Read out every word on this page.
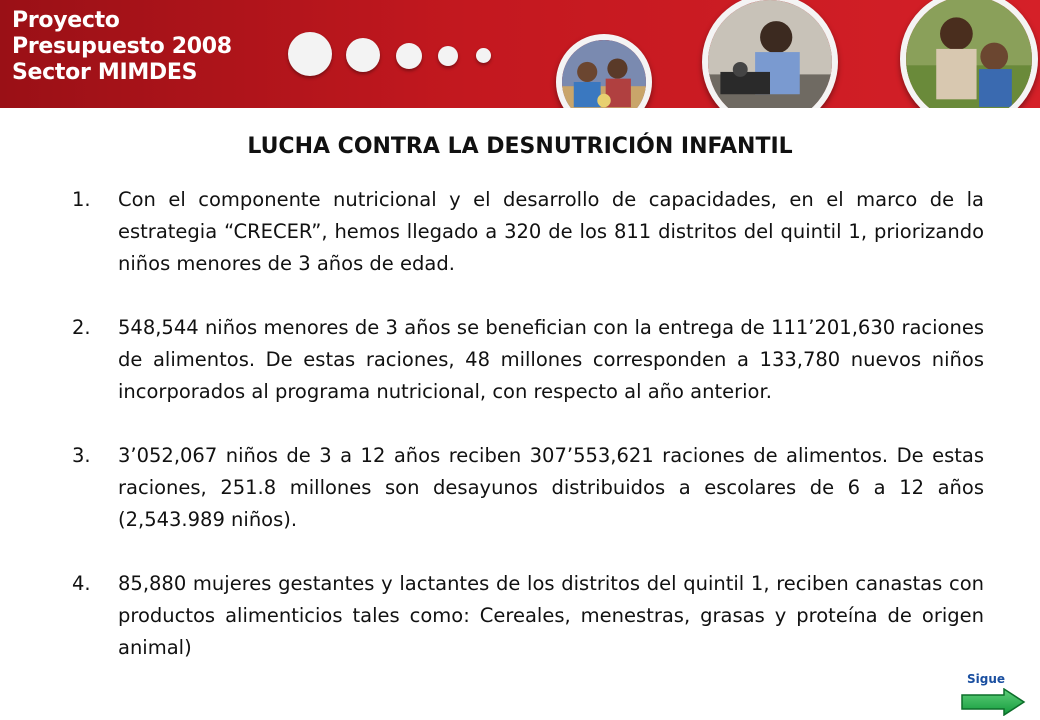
Proyecto
Presupuesto 2008
Sector MIMDES
LUCHA CONTRA LA DESNUTRICIÓN INFANTIL
1. Con el componente nutricional y el desarrollo de capacidades, en el marco de la estrategia “CRECER”, hemos llegado a 320 de los 811 distritos del quintil 1, priorizando niños menores de 3 años de edad.
2. 548,544 niños menores de 3 años se benefician con la entrega de 111’201,630 raciones de alimentos. De estas raciones, 48 millones corresponden a 133,780 nuevos niños incorporados al programa nutricional, con respecto al año anterior.
3. 3’052,067 niños de 3 a 12 años reciben 307’553,621 raciones de alimentos. De estas raciones, 251.8 millones son desayunos distribuidos a escolares de 6 a 12 años (2,543.989 niños).
4. 85,880 mujeres gestantes y lactantes de los distritos del quintil 1, reciben canastas con productos alimenticios tales como: Cereales, menestras, grasas y proteína de origen animal)
Sigue
